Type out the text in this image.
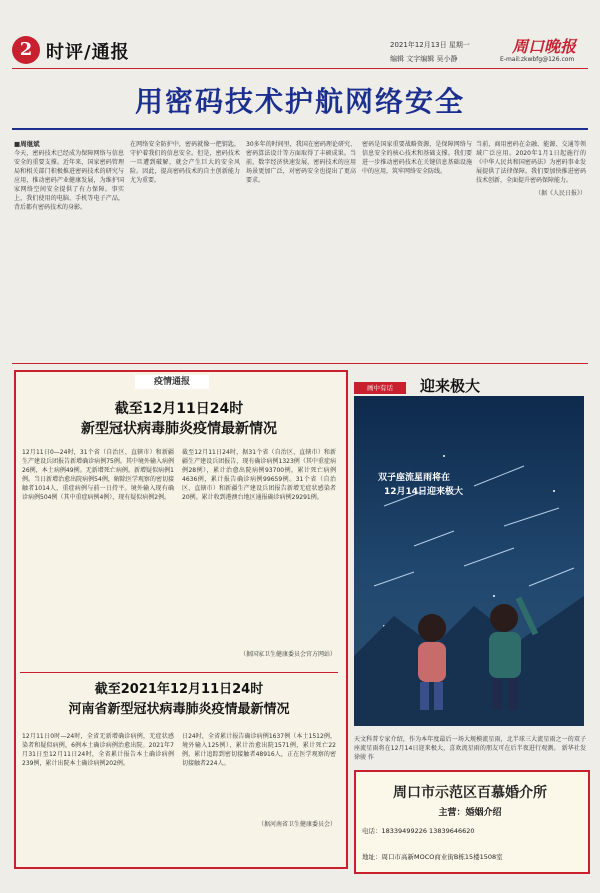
2 时评/通报	2021年12月13日 星期一
编辑 文字编辑 吴小静
周口晚报
E-mail:zkwbfg@126.com
用密码技术护航网络安全
■周继斌
今天，密码技术已经成为保障网络与信息安全的重要支撑。近年来，国家密码管理局和相关部门积极推进密码技术的研究与应用，推动密码产业健康发展，为维护国家网络空间安全提供了有力保障。事实上，我们使用的电脑、手机等电子产品，背后都有密码技术的身影。
在网络安全防护中，密码就像一把钥匙，守护着我们的信息安全。但是，密码技术一旦遭到破解，就会产生巨大的安全风险。因此，提高密码技术的自主创新能力尤为重要。
30多年的时间里，我国在密码理论研究、密码算法设计等方面取得了丰硕成果。当前，数字经济快速发展，密码技术的应用场景更加广泛，对密码安全也提出了更高要求。
密码是国家重要战略资源，是保障网络与信息安全的核心技术和基础支撑。我们要进一步推动密码技术在关键信息基础设施中的应用，筑牢网络安全防线。
当前，商用密码在金融、能源、交通等领域广泛应用。2020年1月1日起施行的《中华人民共和国密码法》为密码事业发展提供了法律保障。我们要加快推进密码技术创新，全面提升密码保障能力。
（据《人民日报》）
疫情通报
截至12月11日24时
新型冠状病毒肺炎疫情最新情况
12月11日0—24时，31个省（自治区、直辖市）和新疆生产建设兵团报告新增确诊病例75例。其中境外输入病例26例，本土病例49例。无新增死亡病例。新增疑似病例1例。当日新增治愈出院病例54例，解除医学观察的密切接触者1014人，重症病例与前一日持平。境外输入现有确诊病例504例（其中重症病例4例），现有疑似病例2例。
截至12月11日24时，据31个省（自治区、直辖市）和新疆生产建设兵团报告，现有确诊病例1323例（其中重症病例28例），累计治愈出院病例93700例，累计死亡病例4636例，累计报告确诊病例99659例。31个省（自治区、直辖市）和新疆生产建设兵团报告新增无症状感染者20例。累计收到港澳台地区通报确诊病例29291例。
（据国家卫生健康委员会官方网站）
截至2021年12月11日24时
河南省新型冠状病毒肺炎疫情最新情况
12月11日0时—24时，全省无新增确诊病例，无症状感染者和疑似病例，6例本土确诊病例治愈出院。2021年7月31日至12月11日24时，全省累计报告本土确诊病例239例，累计出院本土确诊病例202例。
日24时，全省累计报告确诊病例1637例（本土1512例，境外输入125例），累计治愈出院1571例，累计死亡22例，累计追踪到密切接触者48916人，正在医学观察的密切接触者224人。
（据河南省卫生健康委员会）
画中有话	迎来极大
双子座流星雨将在
12月14日迎来极大
天文科普专家介绍，作为本年度最后一场大规模流星雨，北半球三大流星雨之一的双子座流星雨将在12月14日迎来极大，喜欢流星雨的朋友可在后半夜进行观测。 新华社发 徐骏 作
周口市示范区百慕婚介所
主营：婚姻介绍
电话：18339499226 13839646620
地址：周口市高新MOCO商业街B栋15楼1508室
